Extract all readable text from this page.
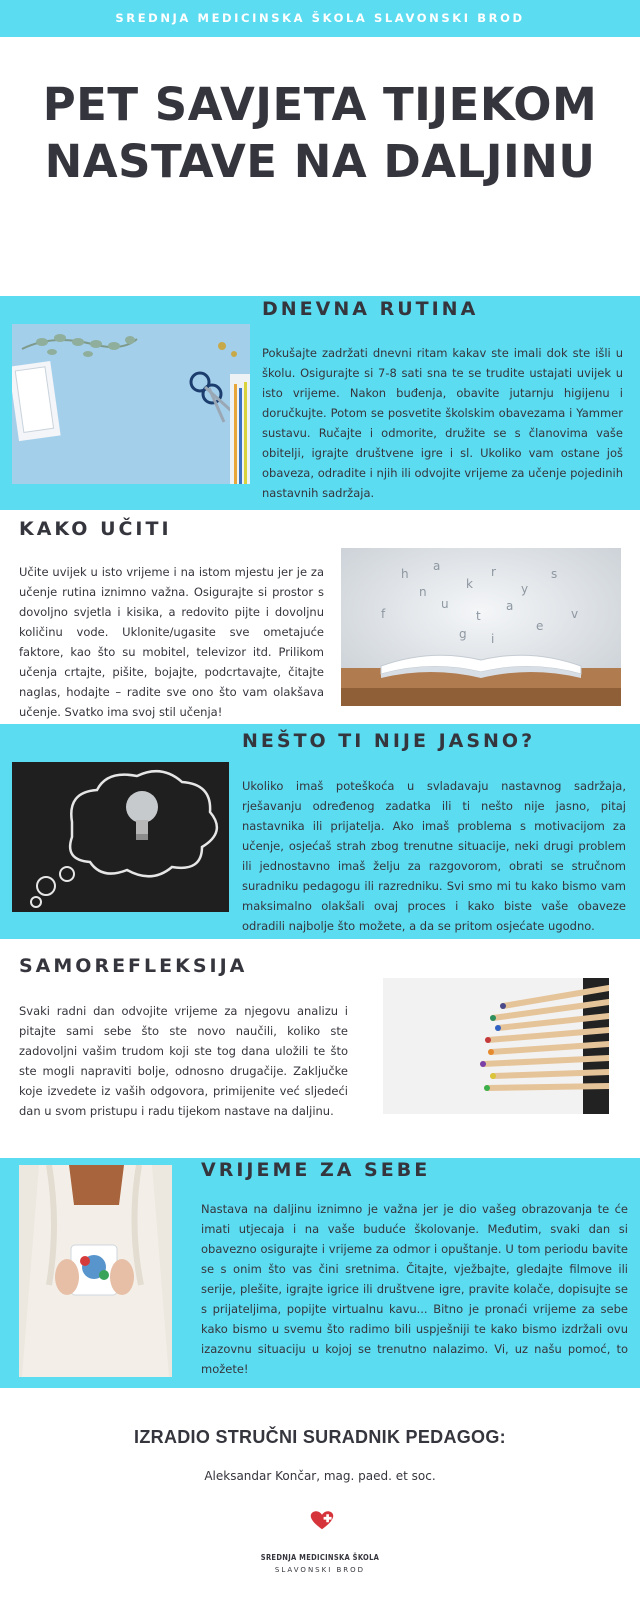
SREDNJA MEDICINSKA ŠKOLA SLAVONSKI BROD
PET SAVJETA TIJEKOM NASTAVE NA DALJINU
DNEVNA RUTINA

Pokušajte zadržati dnevni ritam kakav ste imali dok ste išli u školu. Osigurajte si 7-8 sati sna te se trudite ustajati uvijek u isto vrijeme. Nakon buđenja, obavite jutarnju higijenu i doručkujte. Potom se posvetite školskim obavezama i Yammer sustavu. Ručajte i odmorite, družite se s članovima vaše obitelji, igrajte društvene igre i sl. Ukoliko vam ostane još obaveza, odradite i njih ili odvojite vrijeme za učenje pojedinih nastavnih sadržaja.

KAKO UČITI

Učite uvijek u isto vrijeme i na istom mjestu jer je za učenje rutina iznimno važna. Osigurajte si prostor s dovoljno svjetla i kisika, a redovito pijte i dovoljnu količinu vode. Uklonite/ugasite sve ometajuće faktore, kao što su mobitel, televizor itd. Prilikom učenja crtajte, pišite, bojajte, podcrtavajte, čitajte naglas, hodajte – radite sve ono što vam olakšava učenje. Svatko ima svoj stil učenja!

h
a
k
r
y
s
u
t
a
g i
n
v
f
e
NEŠTO TI NIJE JASNO?

Ukoliko imaš poteškoća u svladavaju nastavnog sadržaja, rješavanju određenog zadatka ili ti nešto nije jasno, pitaj nastavnika ili prijatelja. Ako imaš problema s motivacijom za učenje, osjećaš strah zbog trenutne situacije, neki drugi problem ili jednostavno imaš želju za razgovorom, obrati se stručnom suradniku pedagogu ili razredniku. Svi smo mi tu kako bismo vam maksimalno olakšali ovaj proces i kako biste vaše obaveze odradili najbolje što možete, a da se pritom osjećate ugodno.

SAMOREFLEKSIJA

Svaki radni dan odvojite vrijeme za njegovu analizu i pitajte sami sebe što ste novo naučili, koliko ste zadovoljni vašim trudom koji ste tog dana uložili te što ste mogli napraviti bolje, odnosno drugačije. Zaključke koje izvedete iz vaših odgovora, primijenite već sljedeći dan u svom pristupu i radu tijekom nastave na daljinu.

VRIJEME ZA SEBE

Nastava na daljinu iznimno je važna jer je dio vašeg obrazovanja te će imati utjecaja i na vaše buduće školovanje. Međutim, svaki dan si obavezno osigurajte i vrijeme za odmor i opuštanje. U tom periodu bavite se s onim što vas čini sretnima. Čitajte, vježbajte, gledajte filmove ili serije, plešite, igrajte igrice ili društvene igre, pravite kolače, dopisujte se s prijateljima, popijte virtualnu kavu... Bitno je pronaći vrijeme za sebe kako bismo u svemu što radimo bili uspješniji te kako bismo izdržali ovu izazovnu situaciju u kojoj se trenutno nalazimo. Vi, uz našu pomoć, to možete!

IZRADIO STRUČNI SURADNIK PEDAGOG:
Aleksandar Končar, mag. paed. et soc.
SREDNJA MEDICINSKA ŠKOLA
SLAVONSKI BROD
